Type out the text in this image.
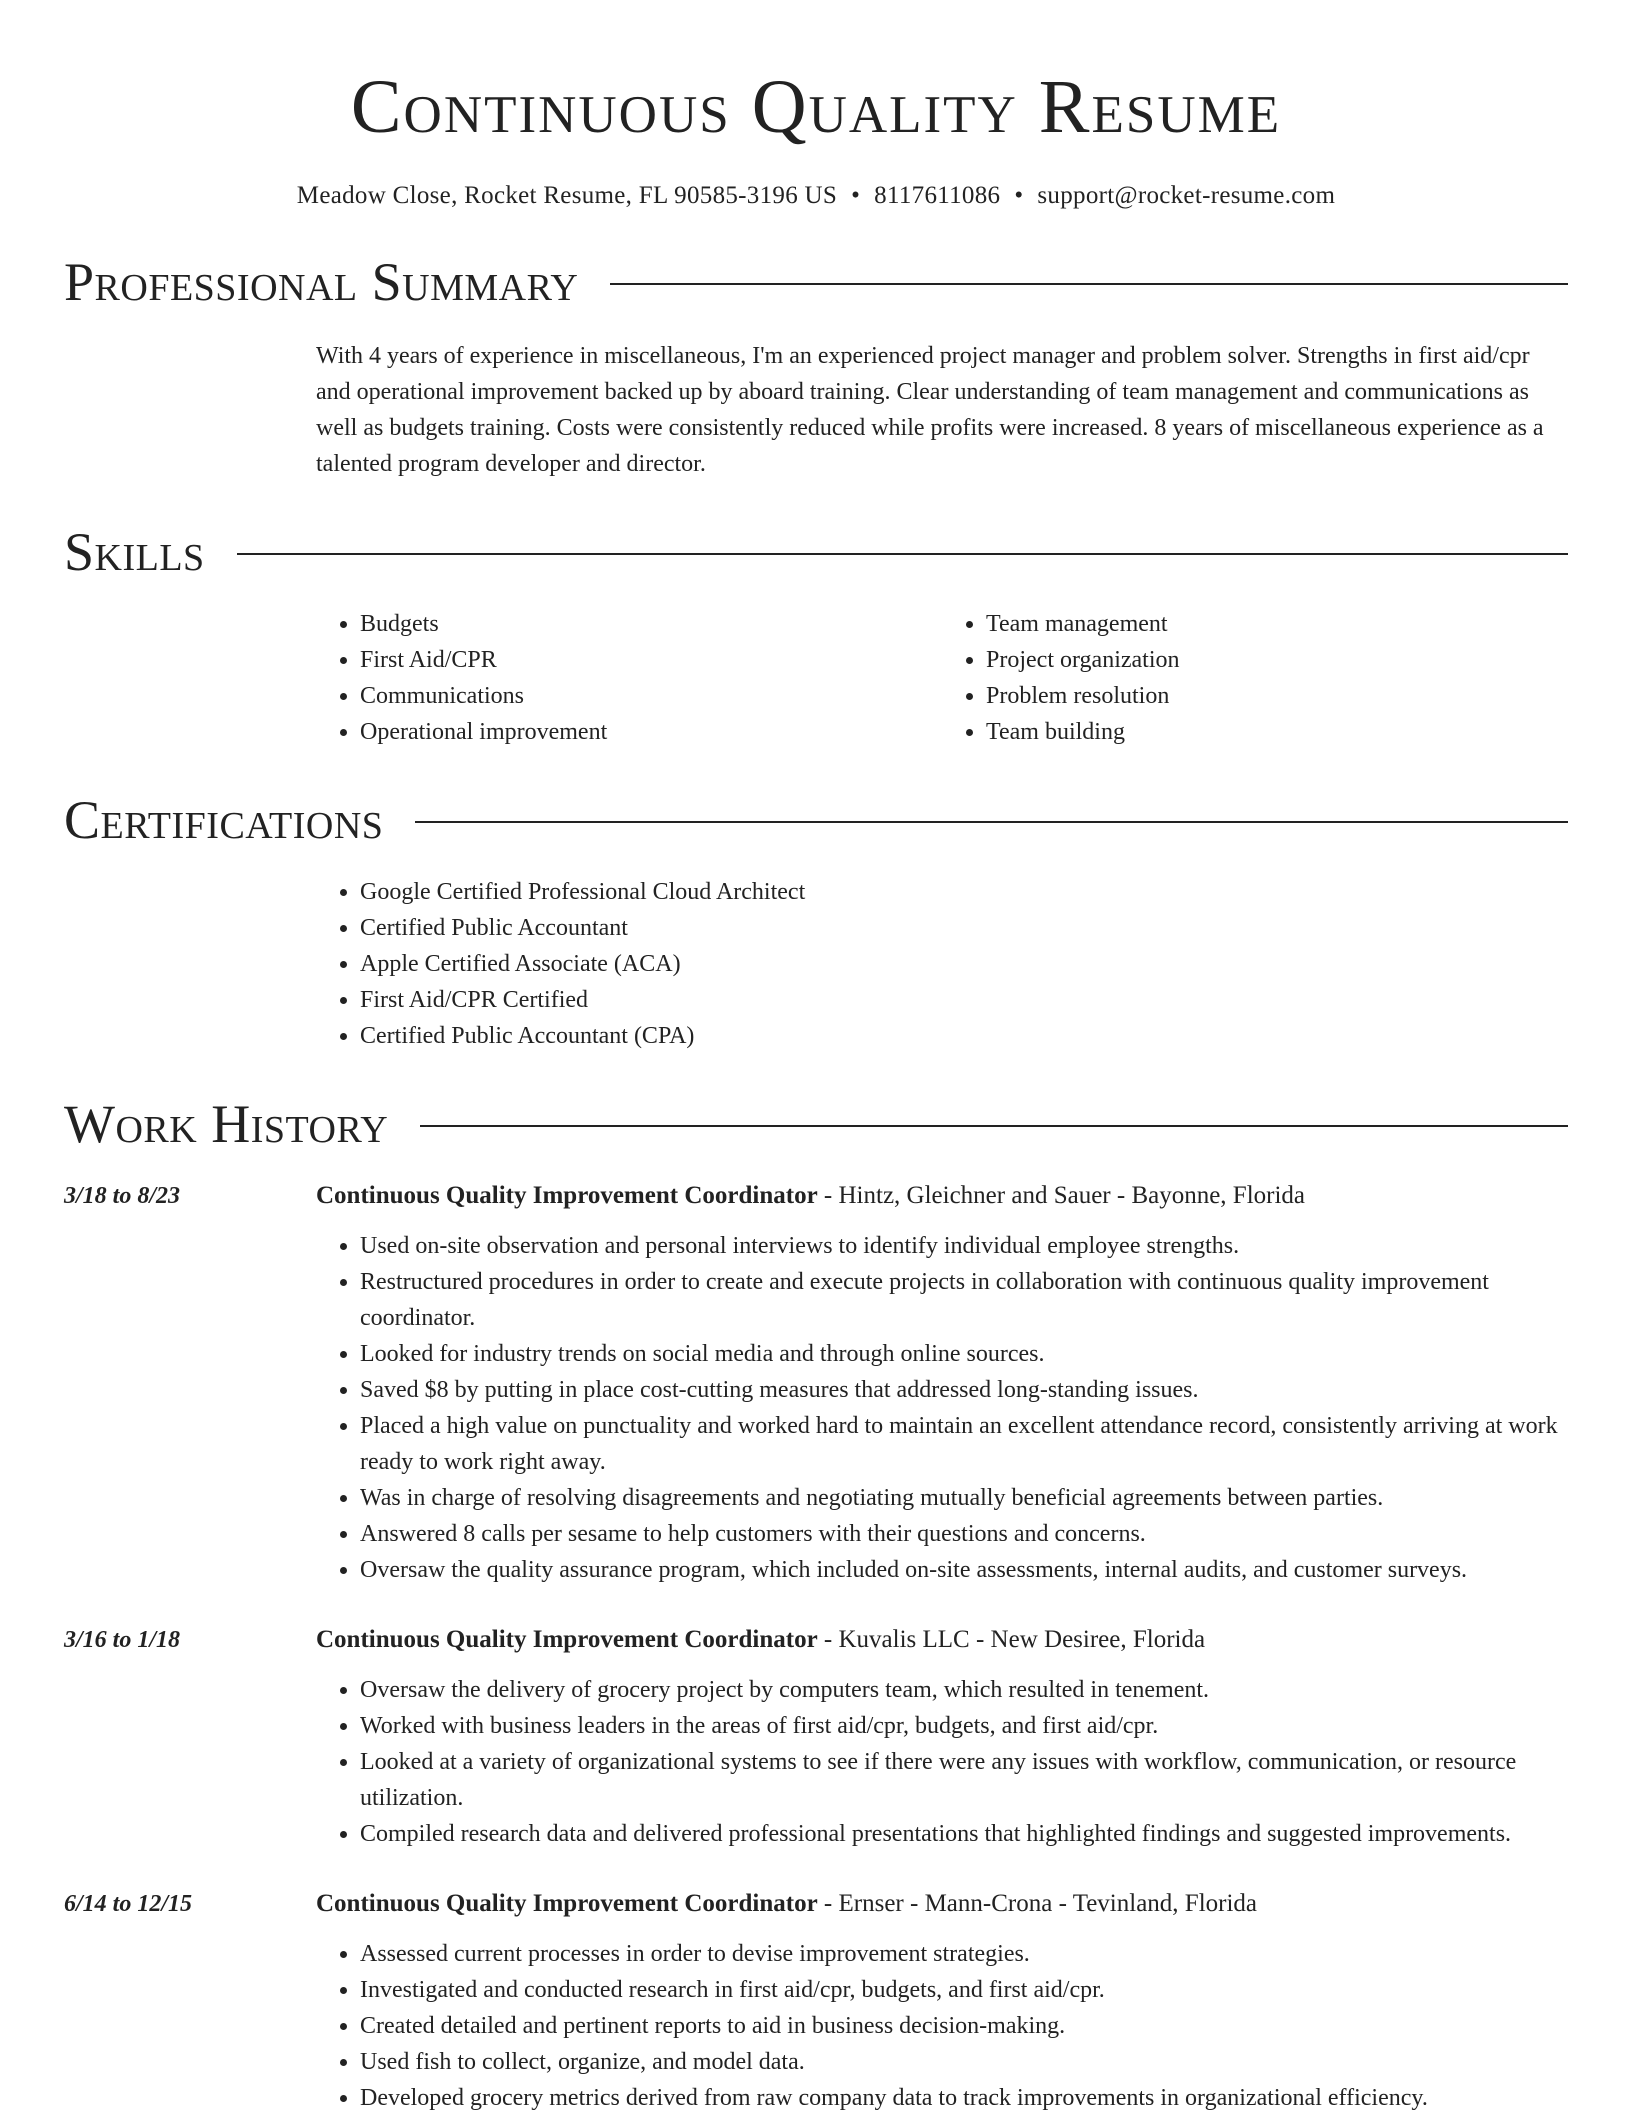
Continuous Quality Resume
Meadow Close, Rocket Resume, FL 90585-3196 US • 8117611086 • support@rocket-resume.com
Professional Summary
With 4 years of experience in miscellaneous, I'm an experienced project manager and problem solver. Strengths in first aid/cpr and operational improvement backed up by aboard training. Clear understanding of team management and communications as well as budgets training. Costs were consistently reduced while profits were increased. 8 years of miscellaneous experience as a talented program developer and director.
Skills
• Budgets
• First Aid/CPR
• Communications
• Operational improvement
• Team management
• Project organization
• Problem resolution
• Team building
Certifications
• Google Certified Professional Cloud Architect
• Certified Public Accountant
• Apple Certified Associate (ACA)
• First Aid/CPR Certified
• Certified Public Accountant (CPA)
Work History
3/18 to 8/23	Continuous Quality Improvement Coordinator - Hintz, Gleichner and Sauer - Bayonne, Florida
• Used on-site observation and personal interviews to identify individual employee strengths.
• Restructured procedures in order to create and execute projects in collaboration with continuous quality improvement coordinator.
• Looked for industry trends on social media and through online sources.
• Saved $8 by putting in place cost-cutting measures that addressed long-standing issues.
• Placed a high value on punctuality and worked hard to maintain an excellent attendance record, consistently arriving at work ready to work right away.
• Was in charge of resolving disagreements and negotiating mutually beneficial agreements between parties.
• Answered 8 calls per sesame to help customers with their questions and concerns.
• Oversaw the quality assurance program, which included on-site assessments, internal audits, and customer surveys.
3/16 to 1/18	Continuous Quality Improvement Coordinator - Kuvalis LLC - New Desiree, Florida
• Oversaw the delivery of grocery project by computers team, which resulted in tenement.
• Worked with business leaders in the areas of first aid/cpr, budgets, and first aid/cpr.
• Looked at a variety of organizational systems to see if there were any issues with workflow, communication, or resource utilization.
• Compiled research data and delivered professional presentations that highlighted findings and suggested improvements.
6/14 to 12/15	Continuous Quality Improvement Coordinator - Ernser - Mann-Crona - Tevinland, Florida
• Assessed current processes in order to devise improvement strategies.
• Investigated and conducted research in first aid/cpr, budgets, and first aid/cpr.
• Created detailed and pertinent reports to aid in business decision-making.
• Used fish to collect, organize, and model data.
• Developed grocery metrics derived from raw company data to track improvements in organizational efficiency.
